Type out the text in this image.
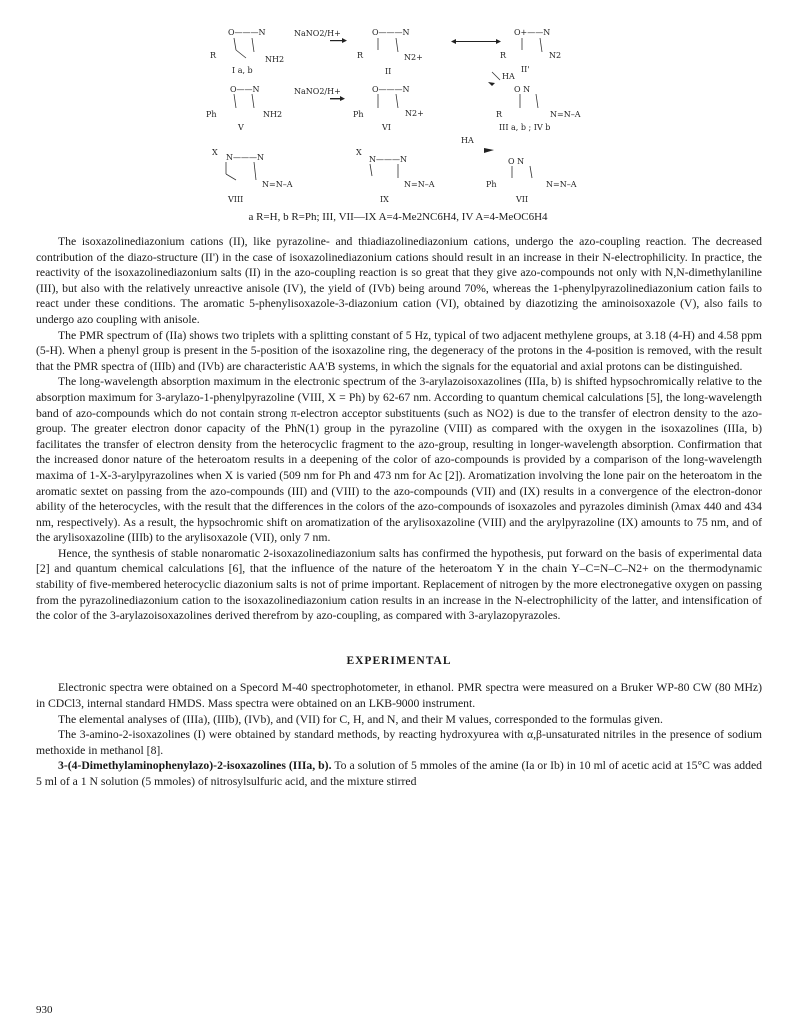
O———N
R	NH2
I a, b
NaNO2/H+	O———N
R	N2+
II
O+——N
R	N2
II'
HA
O——N
Ph	NH2
V
NaNO2/H+	O———N
Ph	N2+
VI
O N
R	N=N–A
III a, b ; IV b
HA
X
N———N
N=N–A
VIII
X
N———N
N=N–A
IX
O N
Ph	N=N–A
VII
a R=H, b R=Ph; III, VII—IX A=4-Me2NC6H4, IV A=4-MeOC6H4

The isoxazolinediazonium cations (II), like pyrazoline- and thiadiazolinediazonium cations, undergo the azo-coupling reaction. The decreased contribution of the diazo-structure (II') in the case of isoxazolinediazonium cations should result in an increase in their N-electrophilicity. In practice, the reactivity of the isoxazolinediazonium salts (II) in the azo-coupling reaction is so great that they give azo-compounds not only with N,N-dimethylaniline (III), but also with the relatively unreactive anisole (IV), the yield of (IVb) being around 70%, whereas the 1-phenylpyrazolinediazonium cation fails to react under these conditions. The aromatic 5-phenylisoxazole-3-diazonium cation (VI), obtained by diazotizing the aminoisoxazole (V), also fails to undergo azo coupling with anisole.

The PMR spectrum of (IIa) shows two triplets with a splitting constant of 5 Hz, typical of two adjacent methylene groups, at 3.18 (4-H) and 4.58 ppm (5-H). When a phenyl group is present in the 5-position of the isoxazoline ring, the degeneracy of the protons in the 4-position is removed, with the result that the PMR spectra of (IIIb) and (IVb) are characteristic AA'B systems, in which the signals for the equatorial and axial protons can be distinguished.

The long-wavelength absorption maximum in the electronic spectrum of the 3-arylazoisoxazolines (IIIa, b) is shifted hypsochromically relative to the absorption maximum for 3-arylazo-1-phenylpyrazoline (VIII, X = Ph) by 62-67 nm. According to quantum chemical calculations [5], the long-wavelength band of azo-compounds which do not contain strong π-electron acceptor substituents (such as NO2) is due to the transfer of electron density to the azo-group. The greater electron donor capacity of the PhN(1) group in the pyrazoline (VIII) as compared with the oxygen in the isoxazolines (IIIa, b) facilitates the transfer of electron density from the heterocyclic fragment to the azo-group, resulting in longer-wavelength absorption. Confirmation that the increased donor nature of the heteroatom results in a deepening of the color of azo-compounds is provided by a comparison of the long-wavelength maxima of 1-X-3-arylpyrazolines when X is varied (509 nm for Ph and 473 nm for Ac [2]). Aromatization involving the lone pair on the heteroatom in the aromatic sextet on passing from the azo-compounds (III) and (VIII) to the azo-compounds (VII) and (IX) results in a convergence of the electron-donor ability of the heterocycles, with the result that the differences in the colors of the azo-compounds of isoxazoles and pyrazoles diminish (λmax 440 and 434 nm, respectively). As a result, the hypsochromic shift on aromatization of the arylisoxazoline (VIII) and the arylpyrazoline (IX) amounts to 75 nm, and of the arylisoxazoline (IIIb) to the arylisoxazole (VII), only 7 nm.

Hence, the synthesis of stable nonaromatic 2-isoxazolinediazonium salts has confirmed the hypothesis, put forward on the basis of experimental data [2] and quantum chemical calculations [6], that the influence of the nature of the heteroatom Y in the chain Y–C=N–C–N2+ on the thermodynamic stability of five-membered heterocyclic diazonium salts is not of prime important. Replacement of nitrogen by the more electronegative oxygen on passing from the pyrazolinediazonium cation to the isoxazolinediazonium cation results in an increase in the N-electrophilicity of the latter, and intensification of the color of the 3-arylazoisoxazolines derived therefrom by azo-coupling, as compared with 3-arylazopyrazoles.

EXPERIMENTAL

Electronic spectra were obtained on a Specord M-40 spectrophotometer, in ethanol. PMR spectra were measured on a Bruker WP-80 CW (80 MHz) in CDCl3, internal standard HMDS. Mass spectra were obtained on an LKB-9000 instrument.

The elemental analyses of (IIIa), (IIIb), (IVb), and (VII) for C, H, and N, and their M values, corresponded to the formulas given.

The 3-amino-2-isoxazolines (I) were obtained by standard methods, by reacting hydroxyurea with α,β-unsaturated nitriles in the presence of sodium methoxide in methanol [8].

3-(4-Dimethylaminophenylazo)-2-isoxazolines (IIIa, b). To a solution of 5 mmoles of the amine (Ia or Ib) in 10 ml of acetic acid at 15°C was added 5 ml of a 1 N solution (5 mmoles) of nitrosylsulfuric acid, and the mixture stirred

930
